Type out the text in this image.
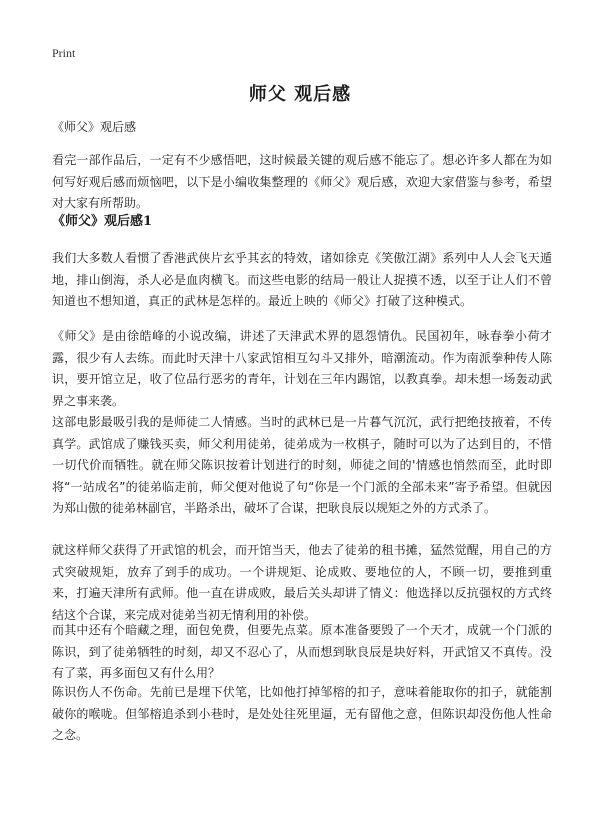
Print
师父 观后感
《师父》观后感
看完一部作品后，一定有不少感悟吧，这时候最关键的观后感不能忘了。想必许多人都在为如何写好观后感而烦恼吧，以下是小编收集整理的《师父》观后感，欢迎大家借鉴与参考，希望对大家有所帮助。
《师父》观后感1
我们大多数人看惯了香港武侠片玄乎其玄的特效，诸如徐克《笑傲江湖》系列中人人会飞天遁地，排山倒海，杀人必是血肉横飞。而这些电影的结局一般让人捉摸不透，以至于让人们不曾知道也不想知道，真正的武林是怎样的。最近上映的《师父》打破了这种模式。
《师父》是由徐皓峰的小说改编，讲述了天津武术界的恩怨情仇。民国初年，咏春拳小荷才露，很少有人去练。而此时天津十八家武馆相互勾斗又排外，暗潮流动。作为南派拳种传人陈识，要开馆立足，收了位品行恶劣的青年，计划在三年内踢馆，以教真拳。却未想一场轰动武界之事来袭。
这部电影最吸引我的是师徒二人情感。当时的武林已是一片暮气沉沉，武行把绝技掖着，不传真学。武馆成了赚钱买卖，师父利用徒弟，徒弟成为一枚棋子，随时可以为了达到目的，不惜一切代价而牺牲。就在师父陈识按着计划进行的时刻，师徒之间的'情感也悄然而至，此时即将“一站成名”的徒弟临走前，师父便对他说了句“你是一个门派的全部未来”寄予希望。但就因为郑山傲的徒弟林副官，半路杀出，破坏了合谋，把耿良辰以规矩之外的方式杀了。
就这样师父获得了开武馆的机会，而开馆当天，他去了徒弟的租书摊，猛然觉醒，用自己的方式突破规矩，放弃了到手的成功。一个讲规矩、论成败、要地位的人，不顾一切，要推到重来，打遍天津所有武师。他一直在讲成败，最后关头却讲了情义：他选择以反抗强权的方式终结这个合谋，来完成对徒弟当初无情利用的补偿。
而其中还有个暗藏之理，面包免费，但要先点菜。原本准备要毁了一个天才，成就一个门派的陈识，到了徒弟牺牲的时刻，却又不忍心了，从而想到耿良辰是块好料，开武馆又不真传。没有了菜，再多面包又有什么用？
陈识伤人不伤命。先前已是埋下伏笔，比如他打掉邹榕的扣子，意味着能取你的扣子，就能割破你的喉咙。但邹榕追杀到小巷时，是处处往死里逼，无有留他之意，但陈识却没伤他人性命之念。
